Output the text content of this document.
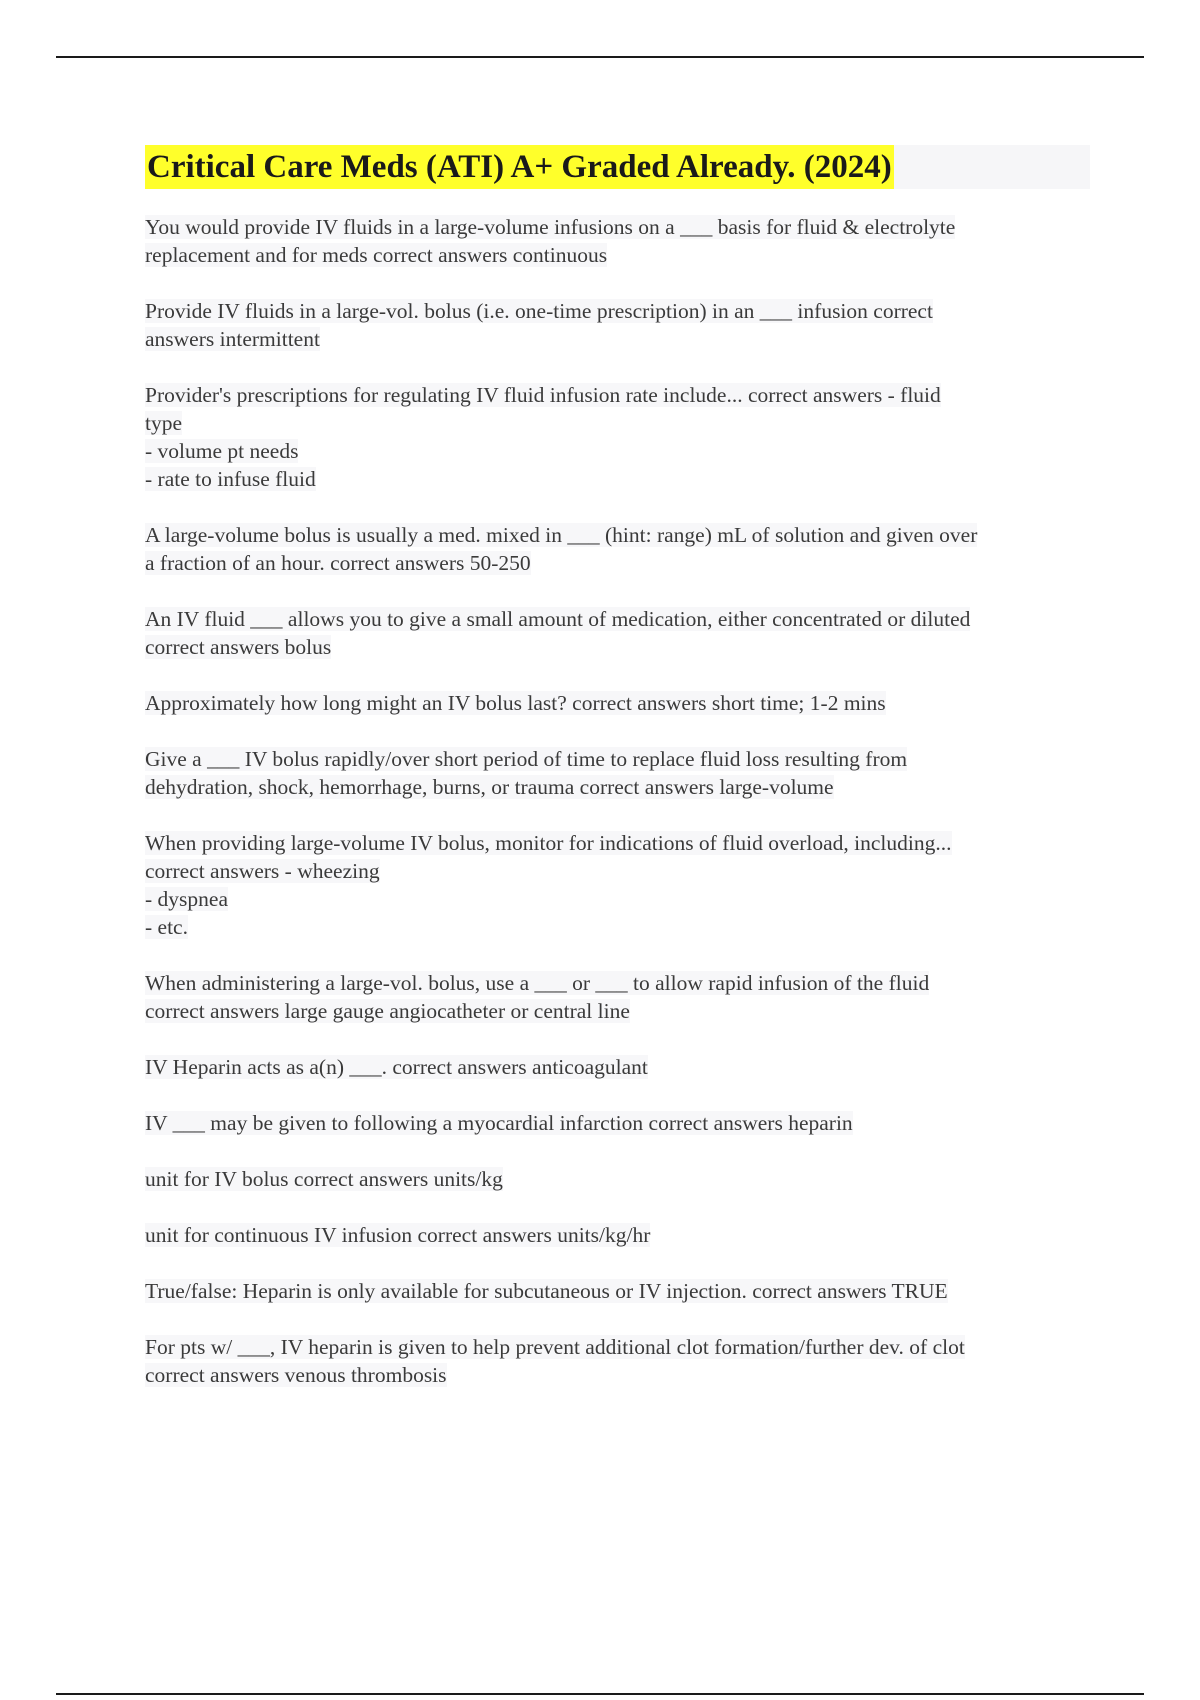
Critical Care Meds (ATI) A+ Graded Already. (2024)

You would provide IV fluids in a large-volume infusions on a ___ basis for fluid & electrolyte
replacement and for meds correct answers continuous

Provide IV fluids in a large-vol. bolus (i.e. one-time prescription) in an ___ infusion correct
answers intermittent

Provider's prescriptions for regulating IV fluid infusion rate include... correct answers - fluid
type
- volume pt needs
- rate to infuse fluid

A large-volume bolus is usually a med. mixed in ___ (hint: range) mL of solution and given over
a fraction of an hour. correct answers 50-250

An IV fluid ___ allows you to give a small amount of medication, either concentrated or diluted
correct answers bolus

Approximately how long might an IV bolus last? correct answers short time; 1-2 mins

Give a ___ IV bolus rapidly/over short period of time to replace fluid loss resulting from
dehydration, shock, hemorrhage, burns, or trauma correct answers large-volume

When providing large-volume IV bolus, monitor for indications of fluid overload, including...
correct answers - wheezing
- dyspnea
- etc.

When administering a large-vol. bolus, use a ___ or ___ to allow rapid infusion of the fluid
correct answers large gauge angiocatheter or central line

IV Heparin acts as a(n) ___. correct answers anticoagulant

IV ___ may be given to following a myocardial infarction correct answers heparin

unit for IV bolus correct answers units/kg

unit for continuous IV infusion correct answers units/kg/hr

True/false: Heparin is only available for subcutaneous or IV injection. correct answers TRUE

For pts w/ ___, IV heparin is given to help prevent additional clot formation/further dev. of clot
correct answers venous thrombosis
